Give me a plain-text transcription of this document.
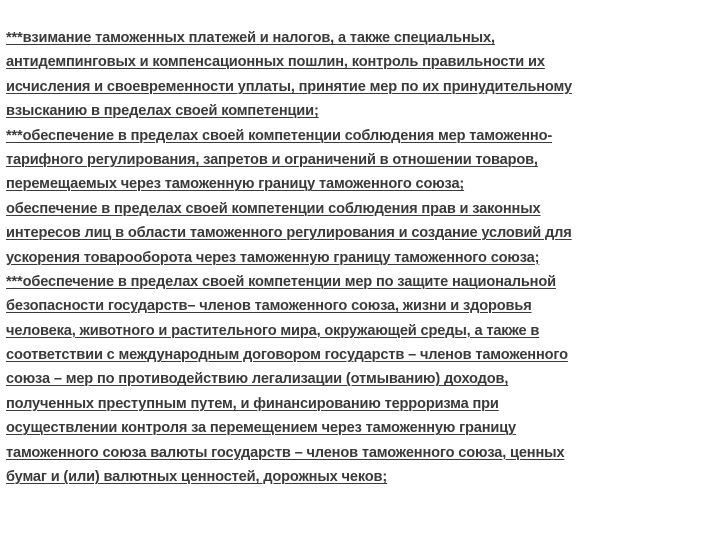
***взимание таможенных платежей и налогов, а также специальных,
антидемпинговых и компенсационных пошлин, контроль правильности их
исчисления и своевременности уплаты, принятие мер по их принудительному
взысканию в пределах своей компетенции;
***обеспечение в пределах своей компетенции соблюдения мер таможенно-
тарифного регулирования, запретов и ограничений в отношении товаров,
перемещаемых через таможенную границу таможенного союза;
обеспечение в пределах своей компетенции соблюдения прав и законных
интересов лиц в области таможенного регулирования и создание условий для
ускорения товарооборота через таможенную границу таможенного союза;
***обеспечение в пределах своей компетенции мер по защите национальной
безопасности государств– членов таможенного союза, жизни и здоровья
человека, животного и растительного мира, окружающей среды, а также в
соответствии с международным договором государств – членов таможенного
союза – мер по противодействию легализации (отмыванию) доходов,
полученных преступным путем, и финансированию терроризма при
осуществлении контроля за перемещением через таможенную границу
таможенного союза валюты государств – членов таможенного союза, ценных
бумаг и (или) валютных ценностей, дорожных чеков;
